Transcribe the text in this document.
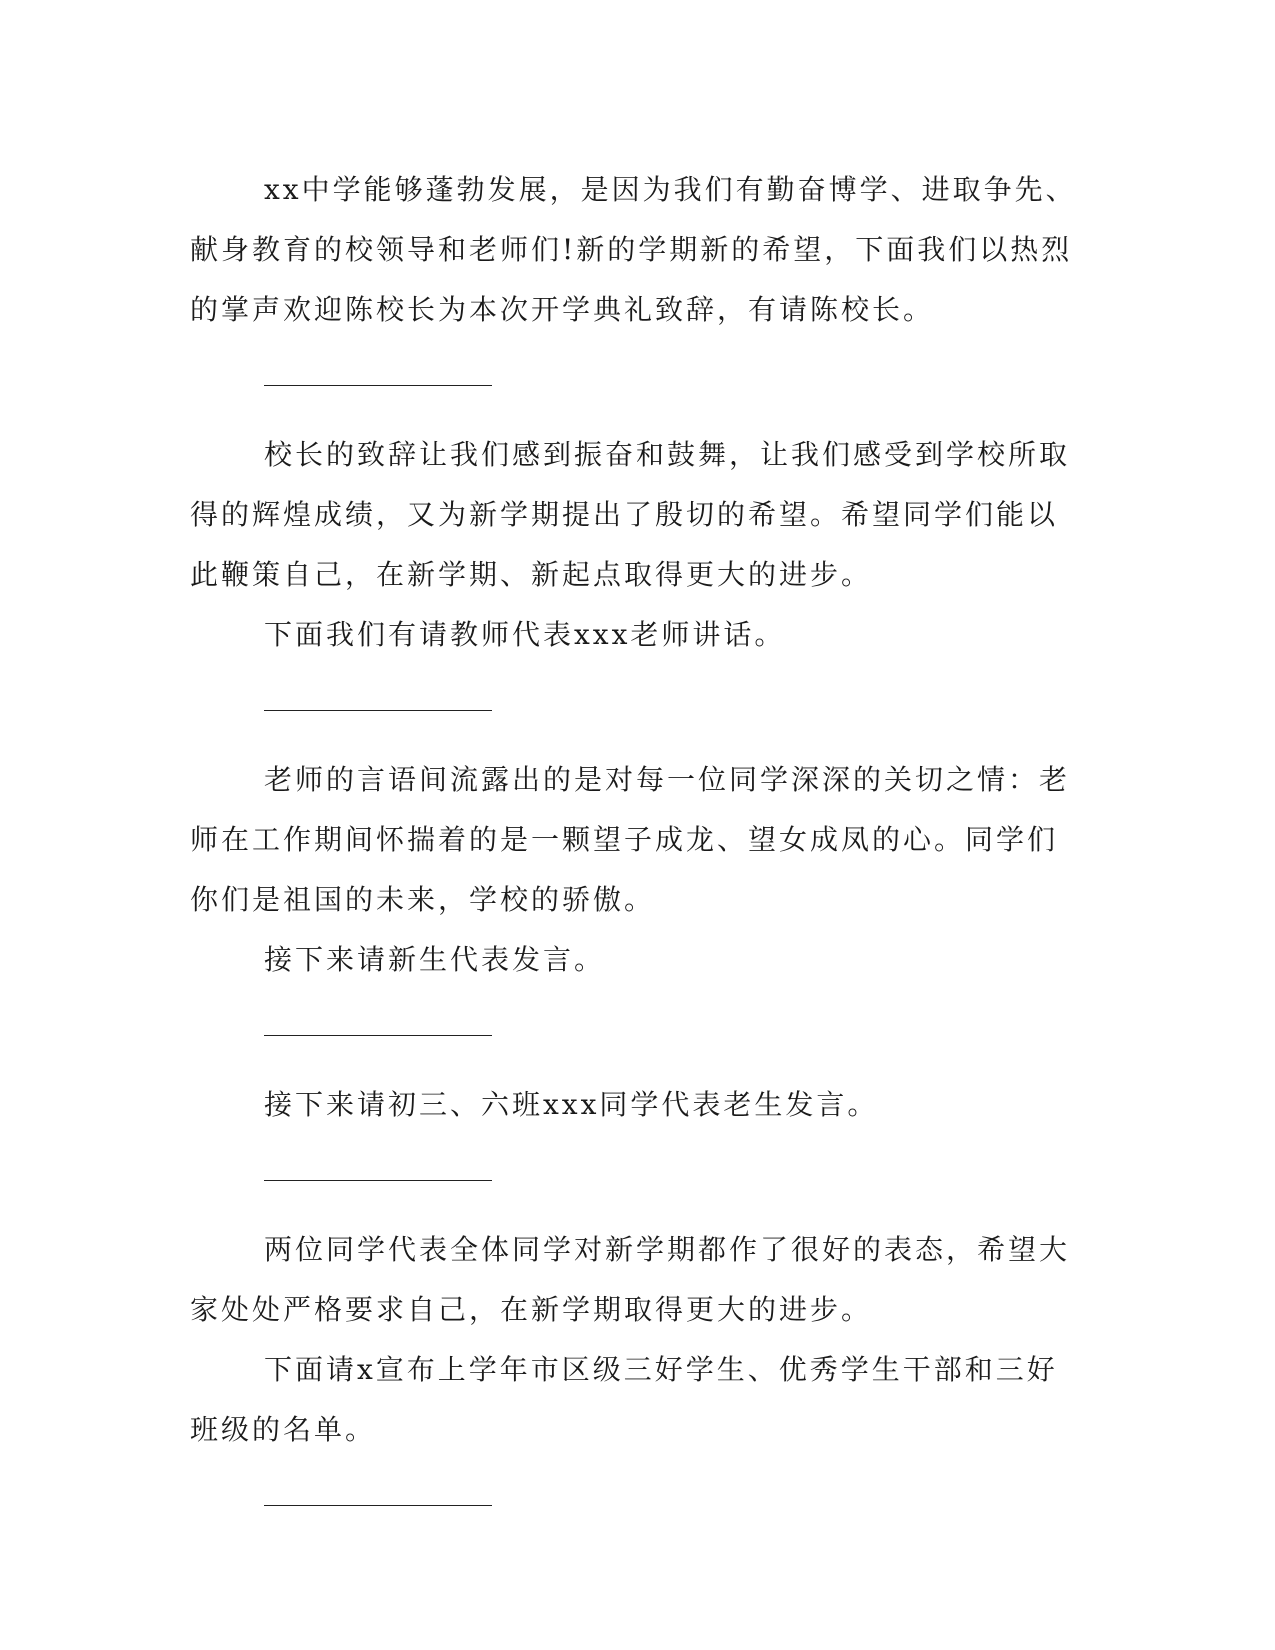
xx中学能够蓬勃发展，是因为我们有勤奋博学、进取争先、献身教育的校领导和老师们!新的学期新的希望，下面我们以热烈的掌声欢迎陈校长为本次开学典礼致辞，有请陈校长。

校长的致辞让我们感到振奋和鼓舞，让我们感受到学校所取得的辉煌成绩，又为新学期提出了殷切的希望。希望同学们能以此鞭策自己，在新学期、新起点取得更大的进步。

下面我们有请教师代表xxx老师讲话。

老师的言语间流露出的是对每一位同学深深的关切之情：老师在工作期间怀揣着的是一颗望子成龙、望女成凤的心。同学们你们是祖国的未来，学校的骄傲。

接下来请新生代表发言。

接下来请初三、六班xxx同学代表老生发言。

两位同学代表全体同学对新学期都作了很好的表态，希望大家处处严格要求自己，在新学期取得更大的进步。

下面请x宣布上学年市区级三好学生、优秀学生干部和三好班级的名单。
